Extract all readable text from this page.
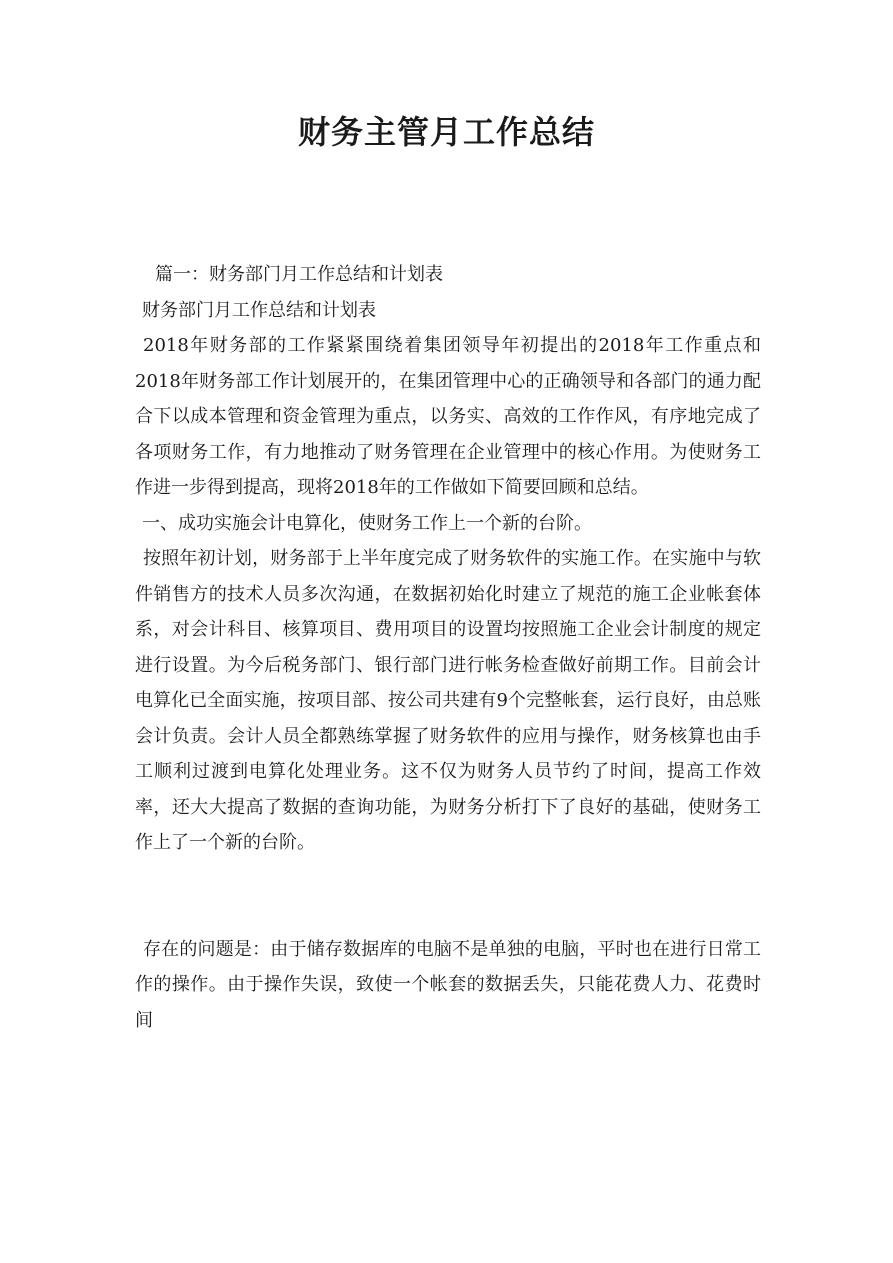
财务主管月工作总结

篇一：财务部门月工作总结和计划表

财务部门月工作总结和计划表

2018年财务部的工作紧紧围绕着集团领导年初提出的2018年工作重点和2018年财务部工作计划展开的，在集团管理中心的正确领导和各部门的通力配合下以成本管理和资金管理为重点，以务实、高效的工作作风，有序地完成了各项财务工作，有力地推动了财务管理在企业管理中的核心作用。为使财务工作进一步得到提高，现将2018年的工作做如下简要回顾和总结。

一、成功实施会计电算化，使财务工作上一个新的台阶。

按照年初计划，财务部于上半年度完成了财务软件的实施工作。在实施中与软件销售方的技术人员多次沟通，在数据初始化时建立了规范的施工企业帐套体系，对会计科目、核算项目、费用项目的设置均按照施工企业会计制度的规定进行设置。为今后税务部门、银行部门进行帐务检查做好前期工作。目前会计电算化已全面实施，按项目部、按公司共建有9个完整帐套，运行良好，由总账会计负责。会计人员全都熟练掌握了财务软件的应用与操作，财务核算也由手工顺利过渡到电算化处理业务。这不仅为财务人员节约了时间，提高工作效率，还大大提高了数据的查询功能，为财务分析打下了良好的基础，使财务工作上了一个新的台阶。

存在的问题是：由于储存数据库的电脑不是单独的电脑，平时也在进行日常工作的操作。由于操作失误，致使一个帐套的数据丢失，只能花费人力、花费时间
